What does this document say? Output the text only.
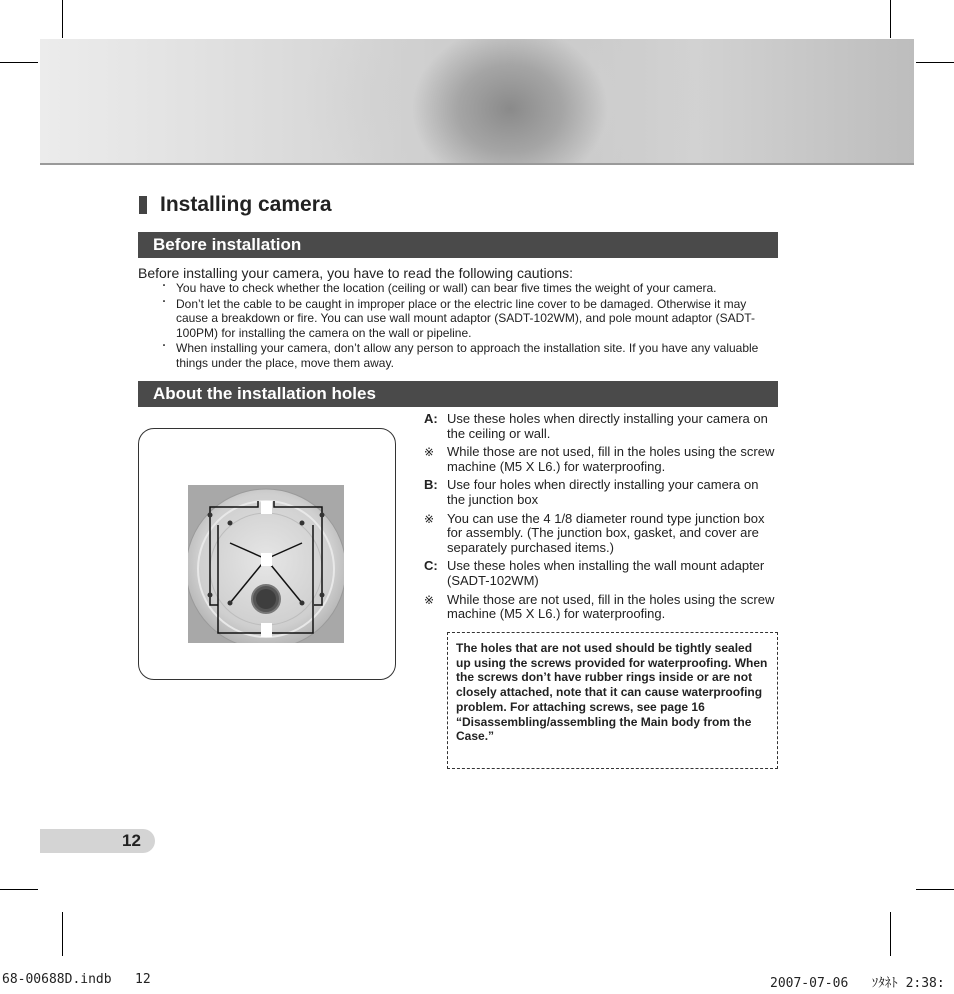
Installing camera
Before installation
Before installing your camera, you have to read the following cautions:
・ You have to check whether the location (ceiling or wall) can bear five times the weight of your camera.
・ Don’t let the cable to be caught in improper place or the electric line cover to be damaged. Otherwise it may cause a breakdown or fire. You can use wall mount adaptor (SADT-102WM), and pole mount adaptor (SADT-100PM) for installing the camera on the wall or pipeline.
・ When installing your camera, don’t allow any person to approach the installation site. If you have any valuable things under the place, move them away.
About the installation holes
A: Use these holes when directly installing your camera on the ceiling or wall.
※ While those are not used, fill in the holes using the screw machine (M5 X L6.) for waterproofing.
B: Use four holes when directly installing your camera on the junction box
※ You can use the 4 1/8 diameter round type junction box for assembly. (The junction box, gasket, and cover are separately purchased items.)
C: Use these holes when installing the wall mount adapter (SADT-102WM)
※ While those are not used, fill in the holes using the screw machine (M5 X L6.) for waterproofing.
The holes that are not used should be tightly sealed up using the screws provided for waterproofing. When the screws don’t have rubber rings inside or are not closely attached, note that it can cause waterproofing problem. For attaching screws, see page 16 “Disassembling/assembling the Main body from the Case.”
12
68-00688D.indb   12	2007-07-06   ｿﾀﾈﾄ 2:38:
